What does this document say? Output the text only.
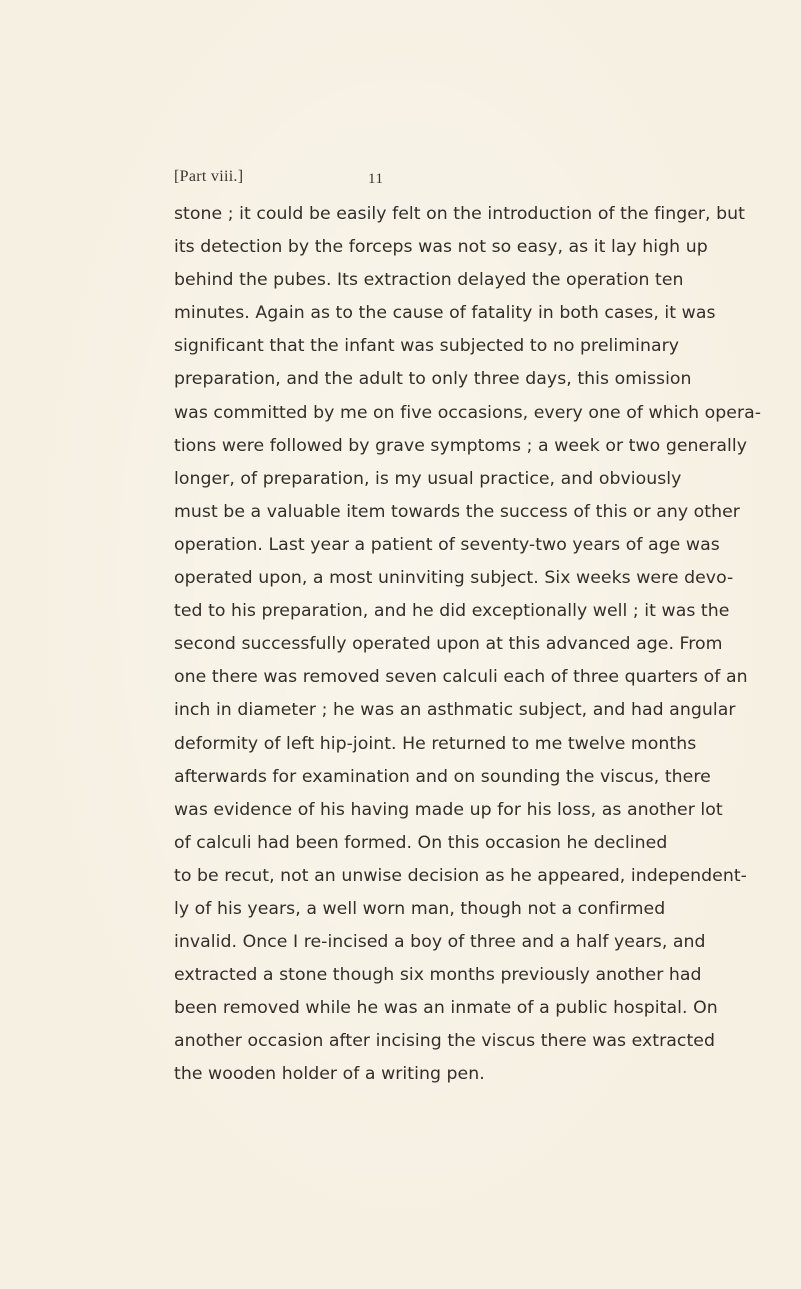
[Part viii.]	11
stone ; it could be easily felt on the introduction of the finger, but
its detection by the forceps was not so easy, as it lay high up
behind the pubes. Its extraction delayed the operation ten
minutes. Again as to the cause of fatality in both cases, it was
significant that the infant was subjected to no preliminary
preparation, and the adult to only three days, this omission
was committed by me on five occasions, every one of which opera-
tions were followed by grave symptoms ; a week or two generally
longer, of preparation, is my usual practice, and obviously
must be a valuable item towards the success of this or any other
operation. Last year a patient of seventy-two years of age was
operated upon, a most uninviting subject. Six weeks were devo-
ted to his preparation, and he did exceptionally well ; it was the
second successfully operated upon at this advanced age. From
one there was removed seven calculi each of three quarters of an
inch in diameter ; he was an asthmatic subject, and had angular
deformity of left hip-joint. He returned to me twelve months
afterwards for examination and on sounding the viscus, there
was evidence of his having made up for his loss, as another lot
of calculi had been formed. On this occasion he declined
to be recut, not an unwise decision as he appeared, independent-
ly of his years, a well worn man, though not a confirmed
invalid. Once I re-incised a boy of three and a half years, and
extracted a stone though six months previously another had
been removed while he was an inmate of a public hospital. On
another occasion after incising the viscus there was extracted
the wooden holder of a writing pen.
